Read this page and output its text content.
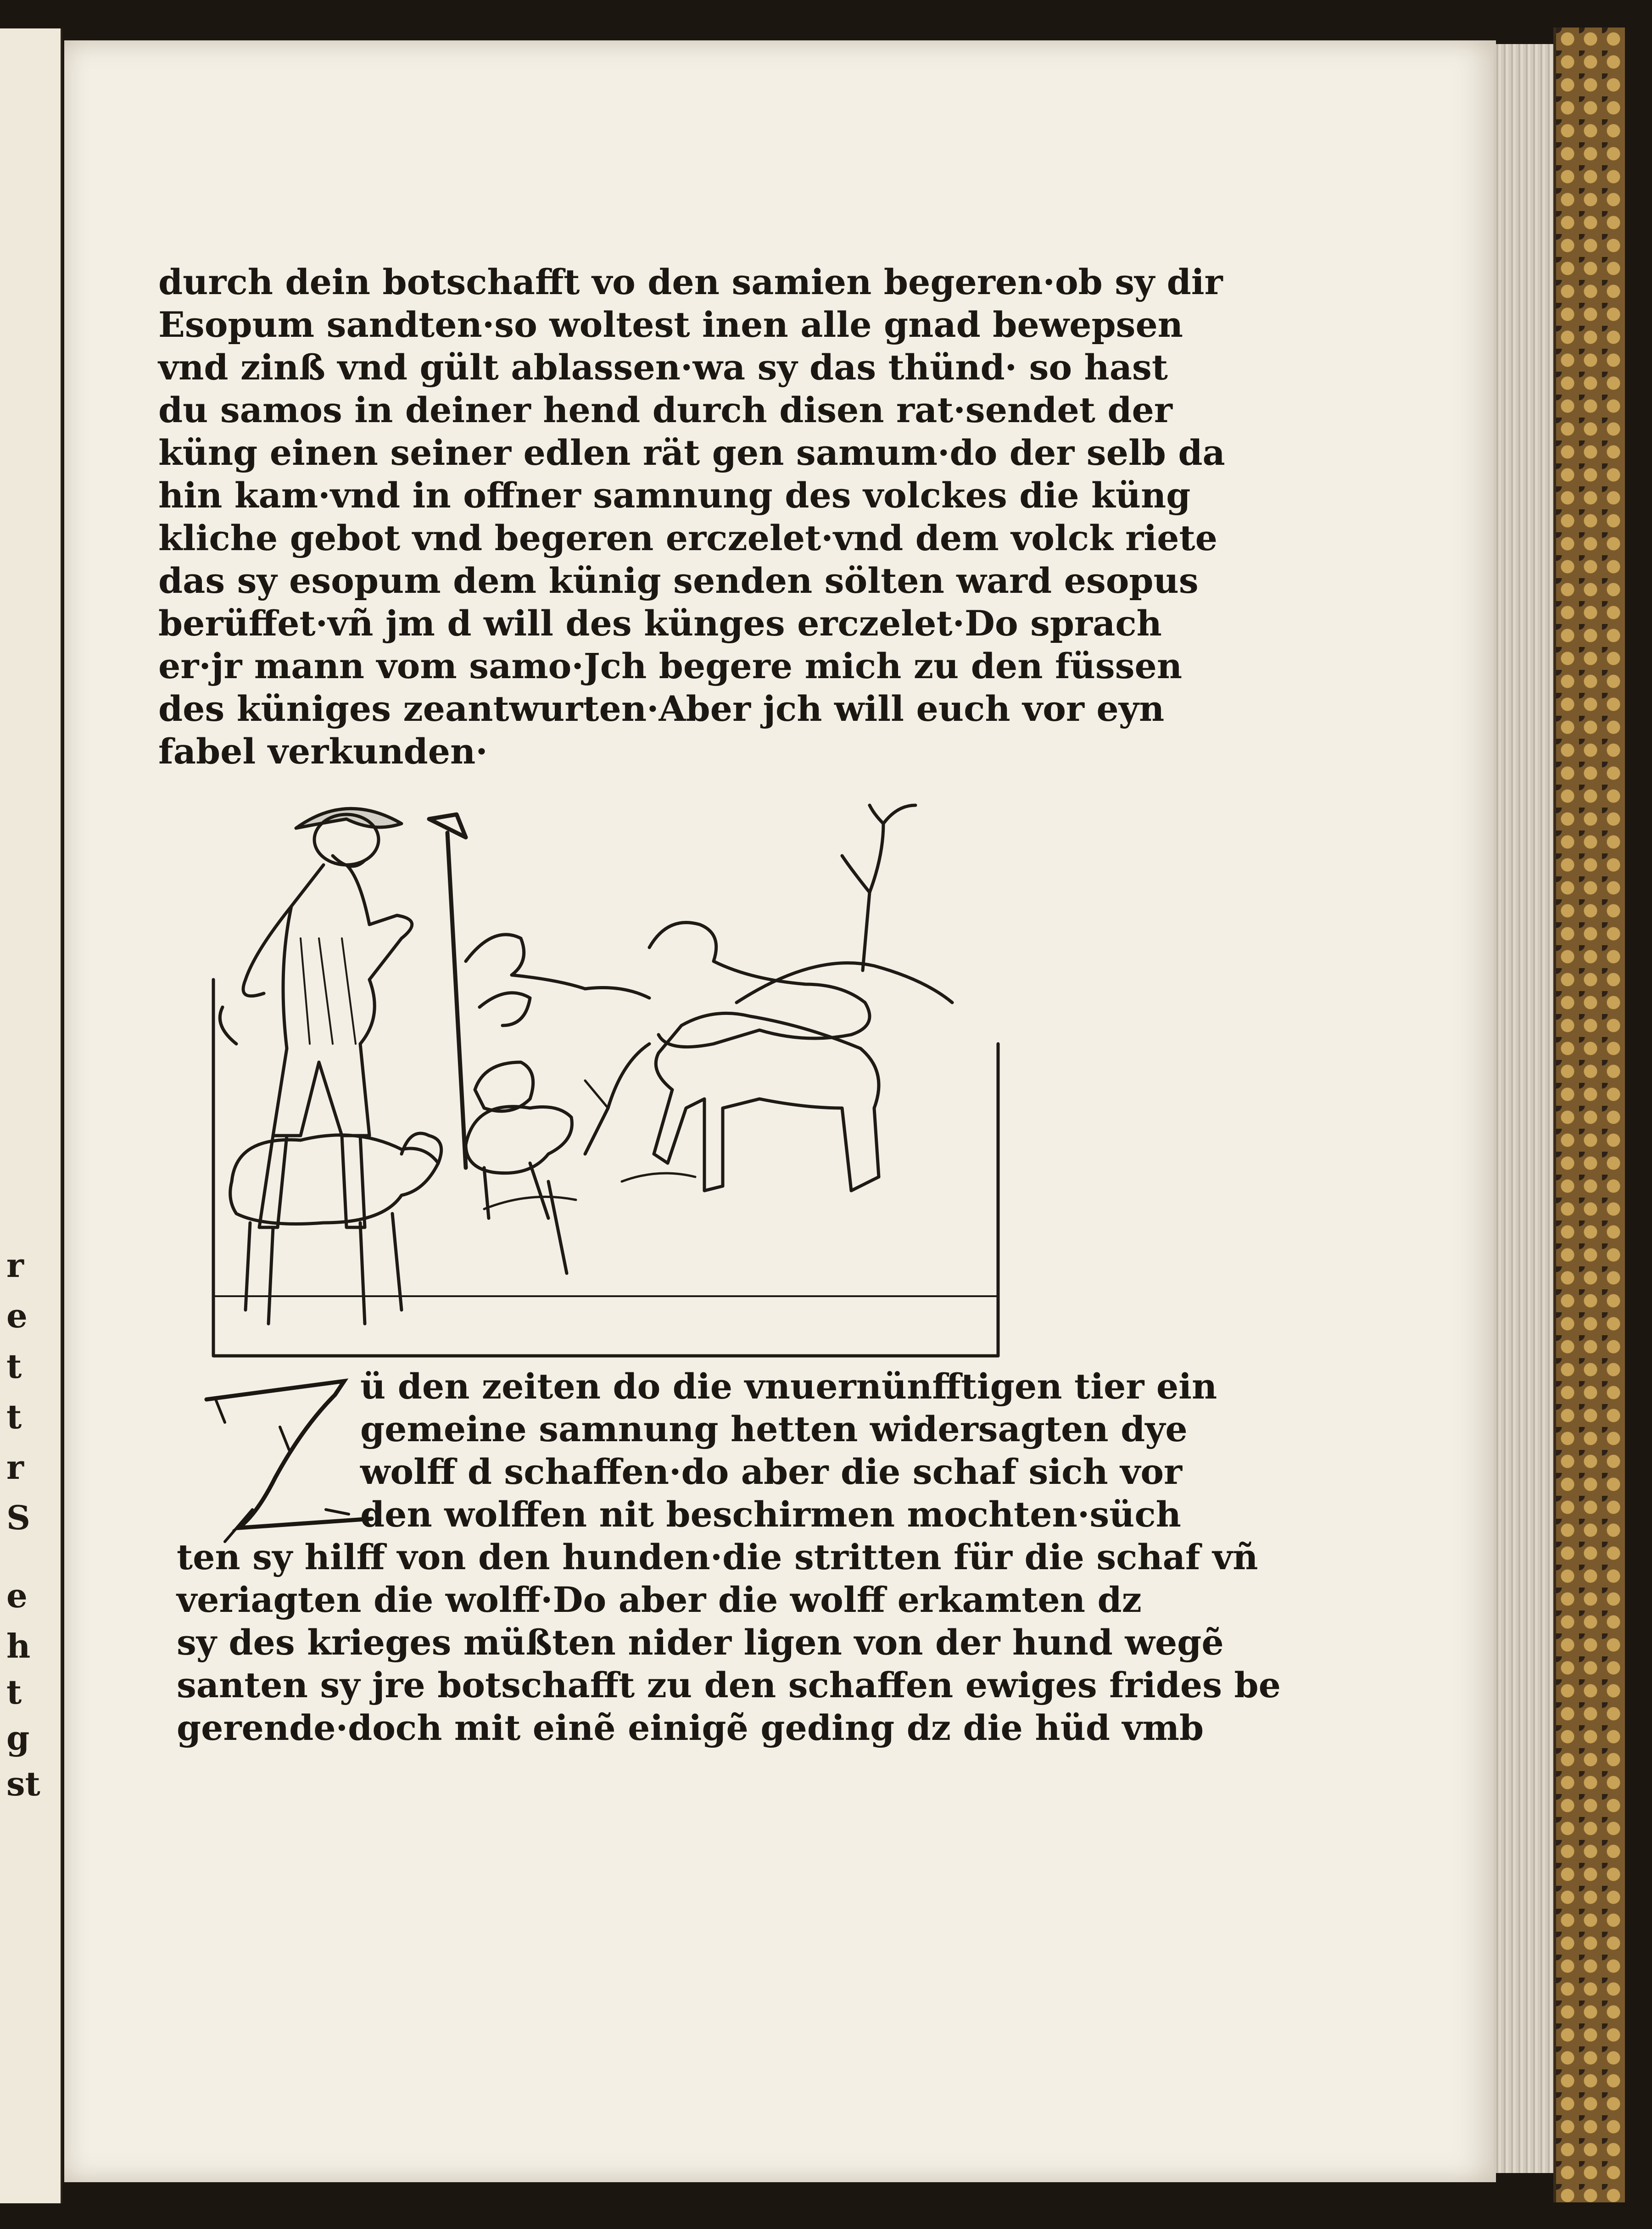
r
e
t
t
r
S
e
h
t
g
st
durch dein botschafft vo den samien begeren·ob sy dir
Esopum sandten·so woltest inen alle gnad bewepsen
vnd zinß vnd gült ablassen·wa sy das thünd· so hast
du samos in deiner hend durch disen rat·sendet der
küng einen seiner edlen rät gen samum·do der selb da
hin kam·vnd in offner samnung des volckes die küng
kliche gebot vnd begeren erczelet·vnd dem volck riete
das sy esopum dem künig senden sölten ward esopus
berüffet·vñ jm d will des künges erczelet·Do sprach
er·jr mann vom samo·Jch begere mich zu den füssen
des küniges zeantwurten·Aber jch will euch vor eyn
fabel verkunden·
ü den zeiten do die vnuernünfftigen tier ein
gemeine samnung hetten widersagten dye
wolff d schaffen·do aber die schaf sich vor
den wolffen nit beschirmen mochten·süch
ten sy hilff von den hunden·die stritten für die schaf vñ
veriagten die wolff·Do aber die wolff erkamten dz
sy des krieges müßten nider ligen von der hund wegẽ
santen sy jre botschafft zu den schaffen ewiges frides be
gerende·doch mit einẽ einigẽ geding dz die hüd vmb
